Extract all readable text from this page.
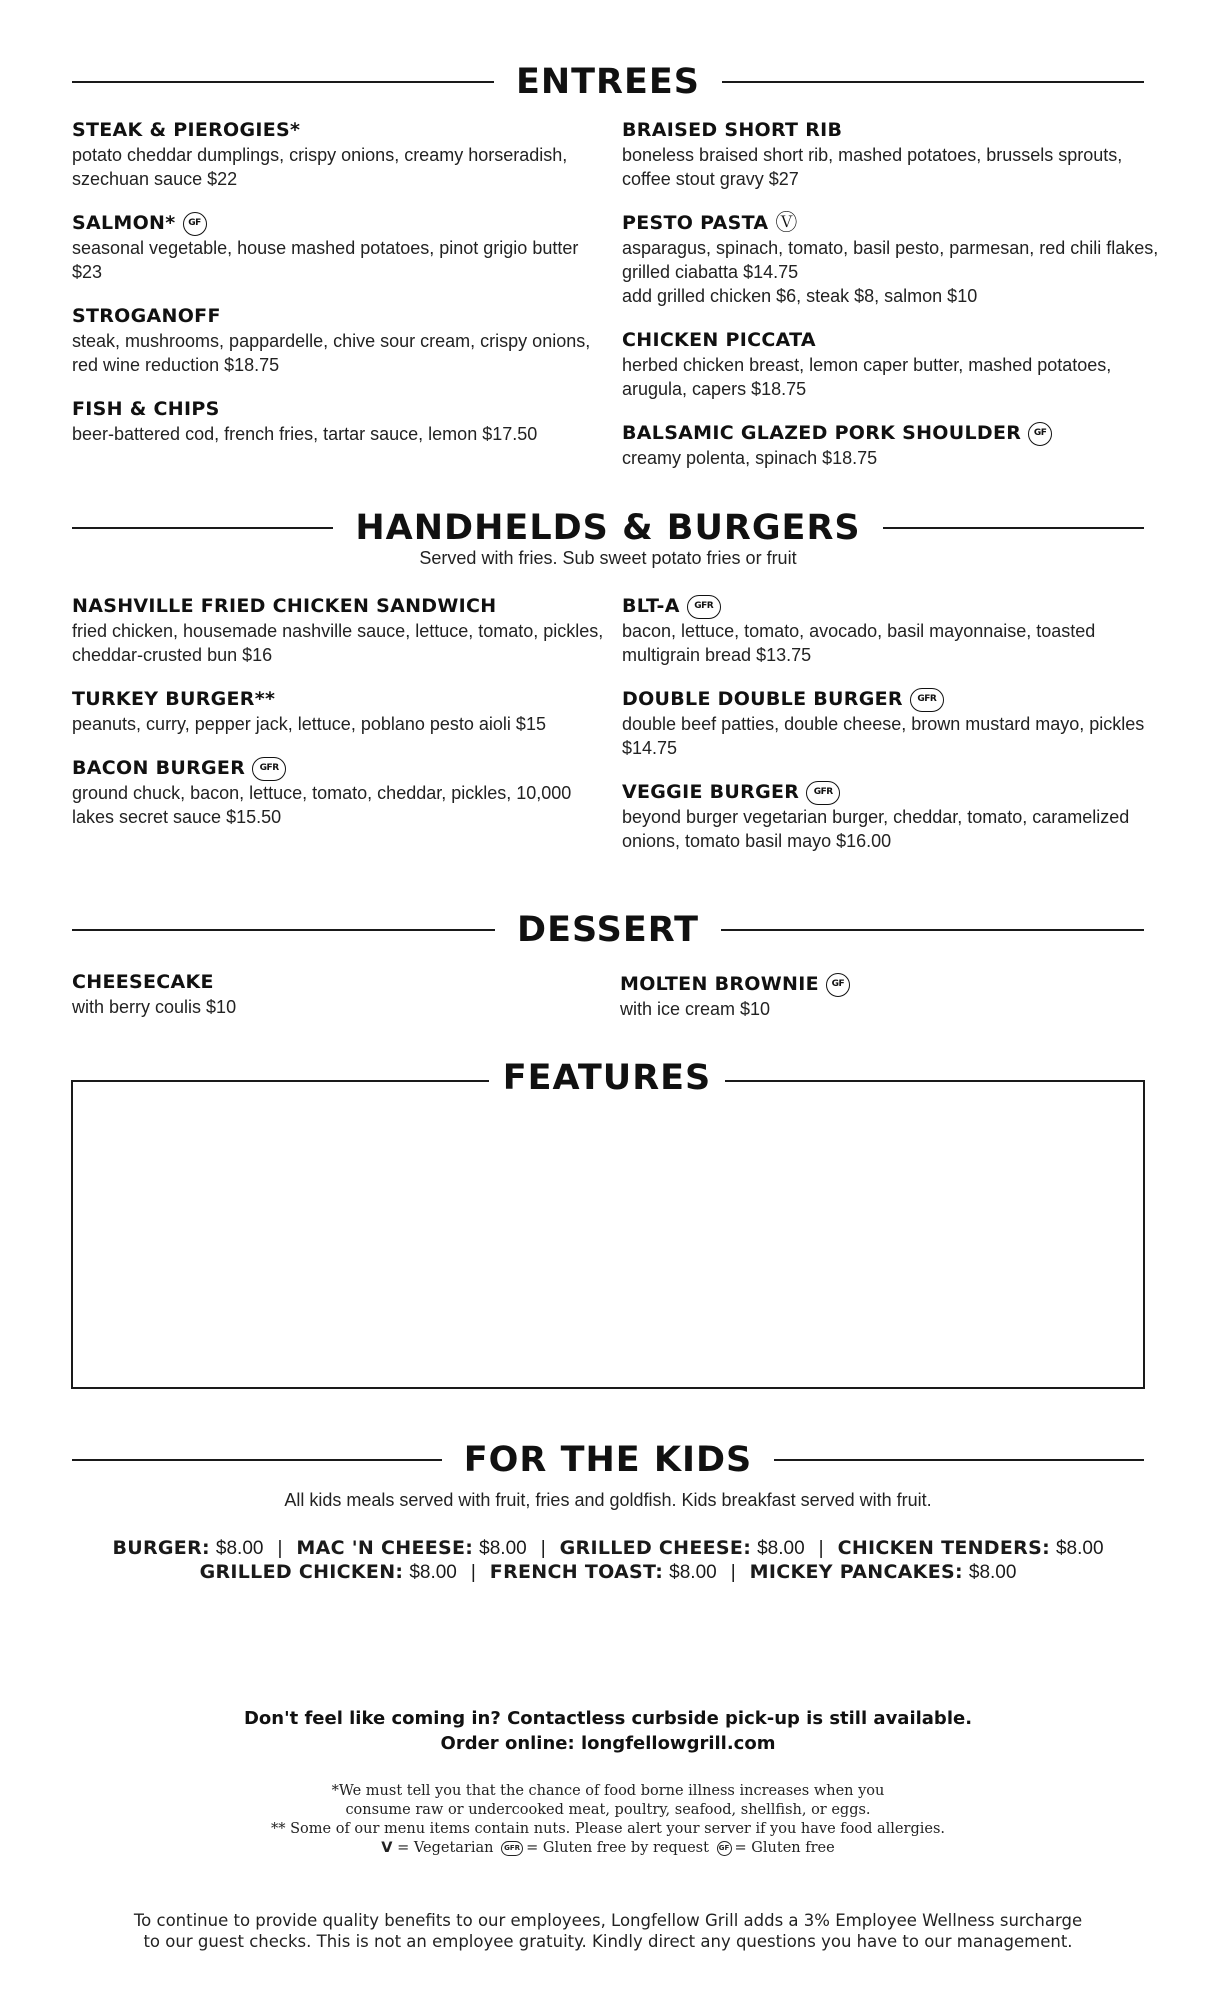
ENTREES
STEAK & PIEROGIES*
potato cheddar dumplings, crispy onions, creamy horseradish, szechuan sauce $22
SALMON*	GF
seasonal vegetable, house mashed potatoes, pinot grigio butter $23
STROGANOFF
steak, mushrooms, pappardelle, chive sour cream, crispy onions, red wine reduction $18.75
FISH & CHIPS
beer-battered cod, french fries, tartar sauce, lemon $17.50
BRAISED SHORT RIB
boneless braised short rib, mashed potatoes, brussels sprouts, coffee stout gravy $27
PESTO PASTA Ⓥ
asparagus, spinach, tomato, basil pesto, parmesan, red chili flakes, grilled ciabatta $14.75
add grilled chicken $6, steak $8, salmon $10
CHICKEN PICCATA
herbed chicken breast, lemon caper butter, mashed potatoes, arugula, capers $18.75
BALSAMIC GLAZED PORK SHOULDER	GF
creamy polenta, spinach $18.75
HANDHELDS & BURGERS
Served with fries. Sub sweet potato fries or fruit
NASHVILLE FRIED CHICKEN SANDWICH
fried chicken, housemade nashville sauce, lettuce, tomato, pickles, cheddar-crusted bun $16
TURKEY BURGER**
peanuts, curry, pepper jack, lettuce, poblano pesto aioli $15
BACON BURGER	GFR
ground chuck, bacon, lettuce, tomato, cheddar, pickles, 10,000 lakes secret sauce $15.50
BLT-A	GFR
bacon, lettuce, tomato, avocado, basil mayonnaise, toasted multigrain bread $13.75
DOUBLE DOUBLE BURGER	GFR
double beef patties, double cheese, brown mustard mayo, pickles $14.75
VEGGIE BURGER	GFR
beyond burger vegetarian burger, cheddar, tomato, caramelized onions, tomato basil mayo $16.00
DESSERT
CHEESECAKE
with berry coulis $10
MOLTEN BROWNIE	GF
with ice cream $10
FEATURES
FOR THE KIDS
All kids meals served with fruit, fries and goldfish. Kids breakfast served with fruit.
BURGER: $8.00 | MAC 'N CHEESE: $8.00 | GRILLED CHEESE: $8.00 | CHICKEN TENDERS: $8.00
GRILLED CHICKEN: $8.00 | FRENCH TOAST: $8.00 | MICKEY PANCAKES: $8.00
Don't feel like coming in? Contactless curbside pick-up is still available.
Order online: longfellowgrill.com
*We must tell you that the chance of food borne illness increases when you
consume raw or undercooked meat, poultry, seafood, shellfish, or eggs.
** Some of our menu items contain nuts. Please alert your server if you have food allergies.
𝗩 = Vegetarian GFR = Gluten free by request GF = Gluten free
To continue to provide quality benefits to our employees, Longfellow Grill adds a 3% Employee Wellness surcharge
to our guest checks. This is not an employee gratuity. Kindly direct any questions you have to our management.
